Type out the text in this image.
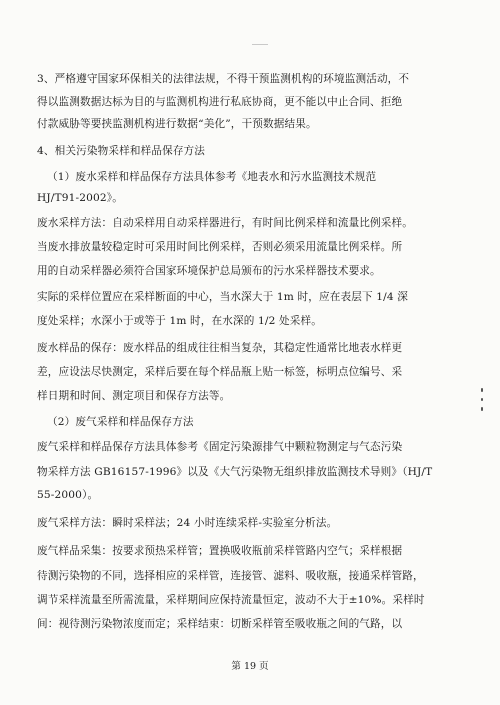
3、严格遵守国家环保相关的法律法规，不得干预监测机构的环境监测活动，不
得以监测数据达标为目的与监测机构进行私底协商，更不能以中止合同、拒绝
付款威胁等要挟监测机构进行数据“美化”，干预数据结果。
4、相关污染物采样和样品保存方法
（1）废水采样和样品保存方法具体参考《地表水和污水监测技术规范
HJ/T91-2002》。
废水采样方法：自动采样用自动采样器进行，有时间比例采样和流量比例采样。
当废水排放量较稳定时可采用时间比例采样，否则必须采用流量比例采样。所
用的自动采样器必须符合国家环境保护总局颁布的污水采样器技术要求。
实际的采样位置应在采样断面的中心，当水深大于 1m 时，应在表层下 1/4 深
度处采样；水深小于或等于 1m 时，在水深的 1/2 处采样。
废水样品的保存：废水样品的组成往往相当复杂，其稳定性通常比地表水样更
差，应设法尽快测定，采样后要在每个样品瓶上贴一标签，标明点位编号、采
样日期和时间、测定项目和保存方法等。
（2）废气采样和样品保存方法
废气采样和样品保存方法具体参考《固定污染源排气中颗粒物测定与气态污染
物采样方法 GB16157-1996》以及《大气污染物无组织排放监测技术导则》（HJ/T
55-2000）。
废气采样方法：瞬时采样法；24 小时连续采样-实验室分析法。
废气样品采集：按要求预热采样管；置换吸收瓶前采样管路内空气；采样根据
待测污染物的不同，选择相应的采样管，连接管、滤料、吸收瓶，接通采样管路，
调节采样流量至所需流量，采样期间应保持流量恒定，波动不大于±10%。采样时
间：视待测污染物浓度而定；采样结束：切断采样管至吸收瓶之间的气路，以
第 19 页
